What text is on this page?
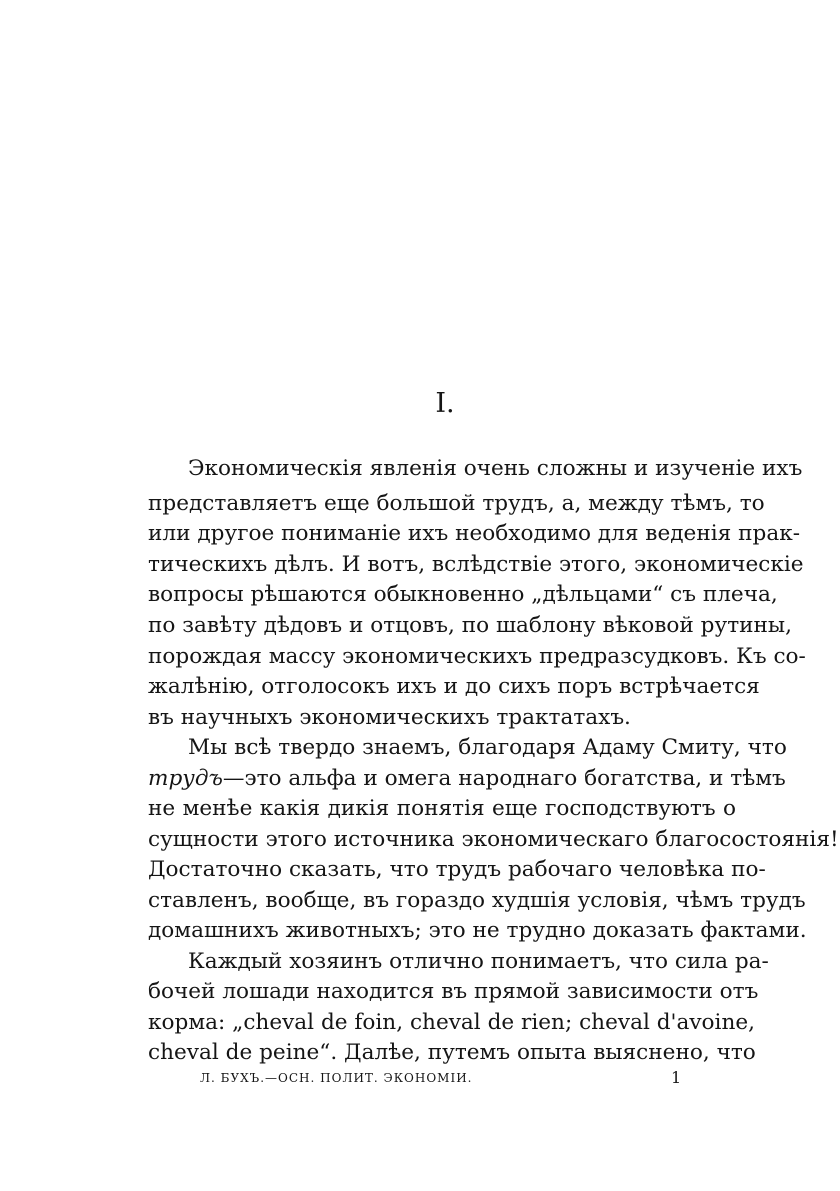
I.

Экономическія явленія очень сложны и изученіе ихъ

представляетъ еще большой трудъ, а, между тѣмъ, то

или другое пониманіе ихъ необходимо для веденія прак-

тическихъ дѣлъ. И вотъ, вслѣдствіе этого, экономическіе

вопросы рѣшаются обыкновенно „дѣльцами“ съ плеча,

по завѣту дѣдовъ и отцовъ, по шаблону вѣковой рутины,

порождая массу экономическихъ предразсудковъ. Къ со-

жалѣнію, отголосокъ ихъ и до сихъ поръ встрѣчается

въ научныхъ экономическихъ трактатахъ.

Мы всѣ твердо знаемъ, благодаря Адаму Смиту, что

трудъ—это альфа и омега народнаго богатства, и тѣмъ

не менѣе какія дикія понятія еще господствуютъ о

сущности этого источника экономическаго благосостоянія!

Достаточно сказать, что трудъ рабочаго человѣка по-

ставленъ, вообще, въ гораздо худшія условія, чѣмъ трудъ

домашнихъ животныхъ; это не трудно доказать фактами.

Каждый хозяинъ отлично понимаетъ, что сила ра-

бочей лошади находится въ прямой зависимости отъ

корма: „cheval de foin, cheval de rien; cheval d'avoine,

cheval de peine“. Далѣе, путемъ опыта выяснено, что

Л. БУХЪ.—ОСН. ПОЛИТ. ЭКОНОМІИ.	1
